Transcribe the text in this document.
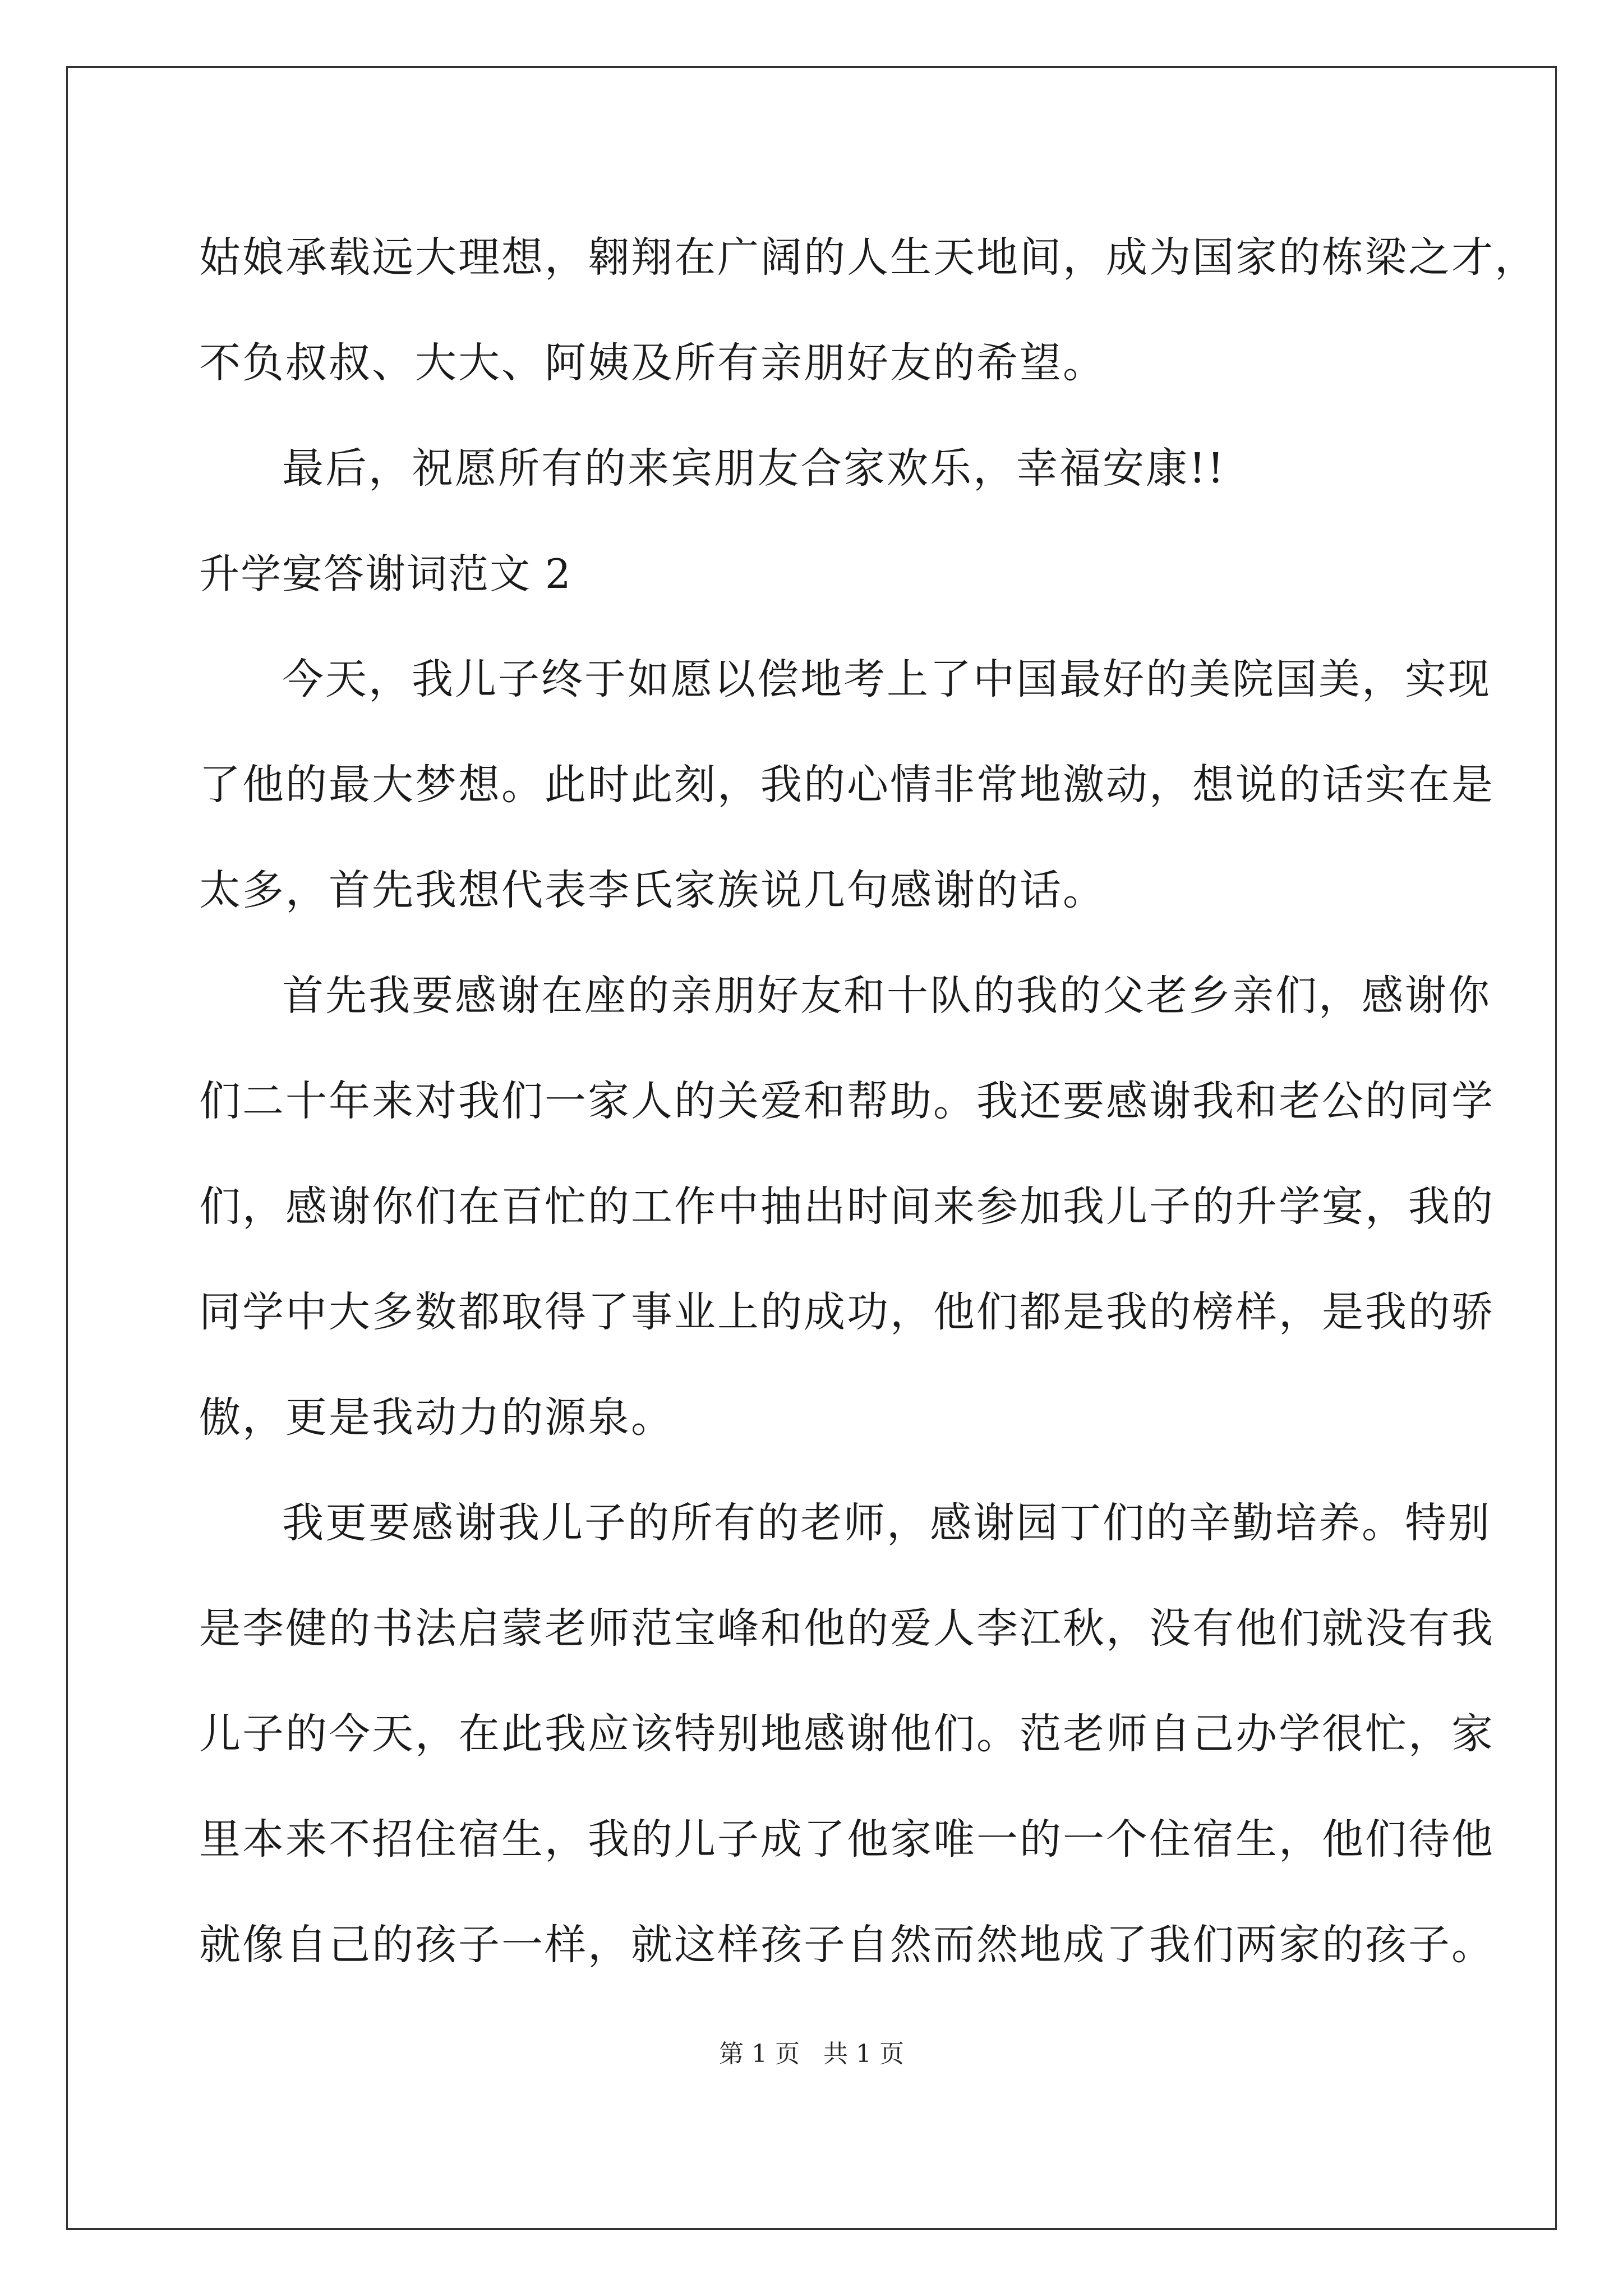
姑娘承载远大理想，翱翔在广阔的人生天地间，成为国家的栋梁之才，
不负叔叔、大大、阿姨及所有亲朋好友的希望。
最后，祝愿所有的来宾朋友合家欢乐，幸福安康!!
升学宴答谢词范文 2
今天，我儿子终于如愿以偿地考上了中国最好的美院国美，实现
了他的最大梦想。此时此刻，我的心情非常地激动，想说的话实在是
太多，首先我想代表李氏家族说几句感谢的话。
首先我要感谢在座的亲朋好友和十队的我的父老乡亲们，感谢你
们二十年来对我们一家人的关爱和帮助。我还要感谢我和老公的同学
们，感谢你们在百忙的工作中抽出时间来参加我儿子的升学宴，我的
同学中大多数都取得了事业上的成功，他们都是我的榜样，是我的骄
傲，更是我动力的源泉。
我更要感谢我儿子的所有的老师，感谢园丁们的辛勤培养。特别
是李健的书法启蒙老师范宝峰和他的爱人李江秋，没有他们就没有我
儿子的今天，在此我应该特别地感谢他们。范老师自己办学很忙，家
里本来不招住宿生，我的儿子成了他家唯一的一个住宿生，他们待他
就像自己的孩子一样，就这样孩子自然而然地成了我们两家的孩子。
第 1 页   共 1 页
